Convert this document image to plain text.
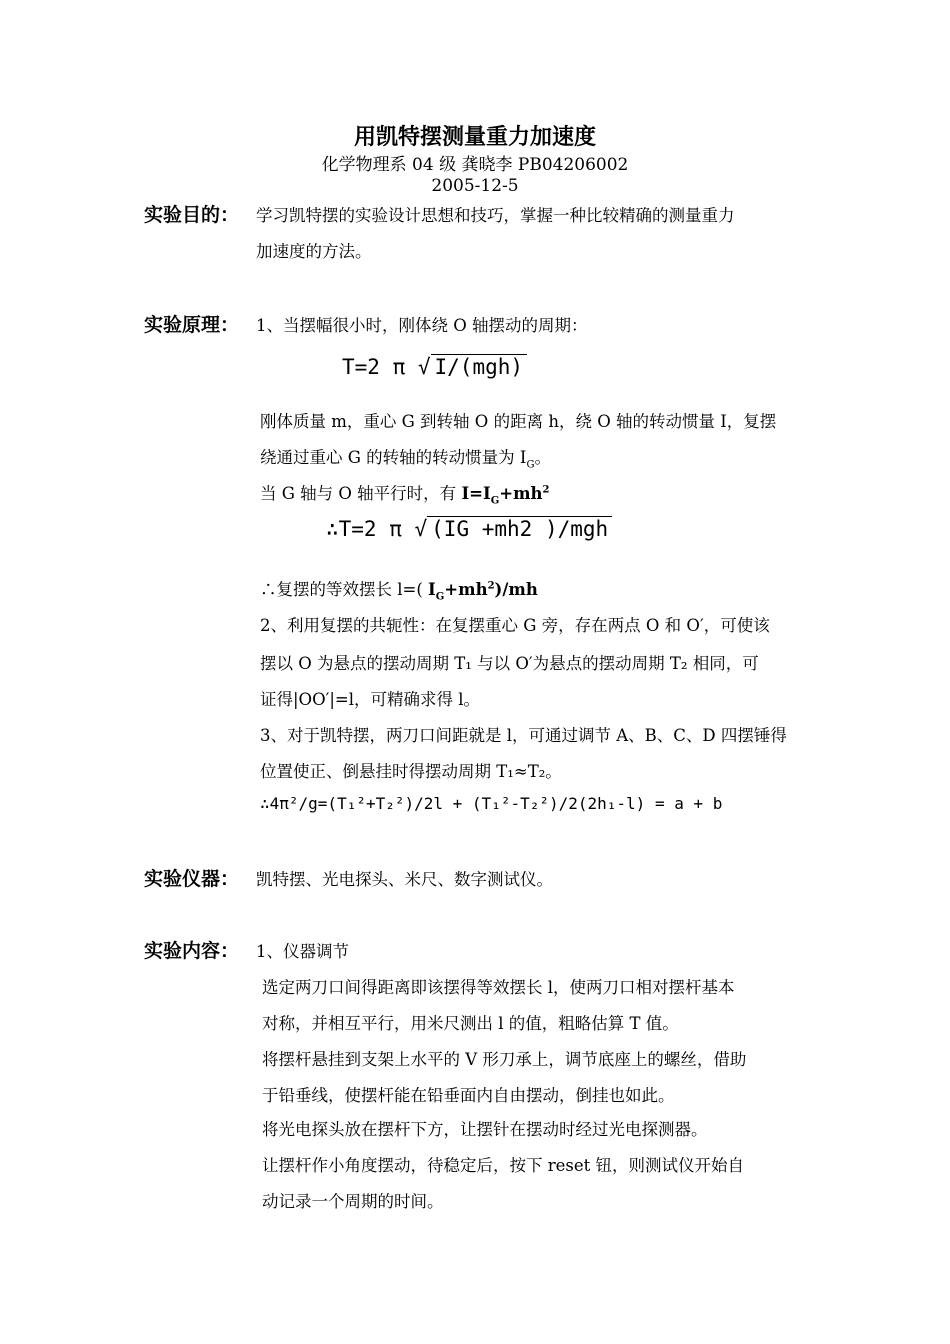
用凯特摆测量重力加速度
化学物理系 04 级 龚晓李 PB04206002
2005-12-5
实验目的： 学习凯特摆的实验设计思想和技巧，掌握一种比较精确的测量重力
加速度的方法。
实验原理： 1、当摆幅很小时，刚体绕 O 轴摆动的周期：
T=2 π √ I/(mgh)
刚体质量 m，重心 G 到转轴 O 的距离 h，绕 O 轴的转动惯量 I，复摆
绕通过重心 G 的转轴的转动惯量为 $I_G$。
当 G 轴与 O 轴平行时，有 $I=I_G+mh^2$
∴T=2 π √ (IG +mh2 )/mgh
∴复摆的等效摆长 l=( $I_G+mh^2)/mh$
2、利用复摆的共轭性：在复摆重心 G 旁，存在两点 O 和 O′，可使该
摆以 O 为悬点的摆动周期 T₁ 与以 O′为悬点的摆动周期 T₂ 相同，可
证得|OO′|=l，可精确求得 l。
3、对于凯特摆，两刀口间距就是 l，可通过调节 A、B、C、D 四摆锤得
位置使正、倒悬挂时得摆动周期 T₁≈T₂。
∴4π²/g=(T₁²+T₂²)/2l + (T₁²-T₂²)/2(2h₁-l) = a + b
实验仪器： 凯特摆、光电探头、米尺、数字测试仪。
实验内容： 1、仪器调节
选定两刀口间得距离即该摆得等效摆长 l，使两刀口相对摆杆基本
对称，并相互平行，用米尺测出 l 的值，粗略估算 T 值。
将摆杆悬挂到支架上水平的 V 形刀承上，调节底座上的螺丝，借助
于铅垂线，使摆杆能在铅垂面内自由摆动，倒挂也如此。
将光电探头放在摆杆下方，让摆针在摆动时经过光电探测器。
让摆杆作小角度摆动，待稳定后，按下 reset 钮，则测试仪开始自
动记录一个周期的时间。
